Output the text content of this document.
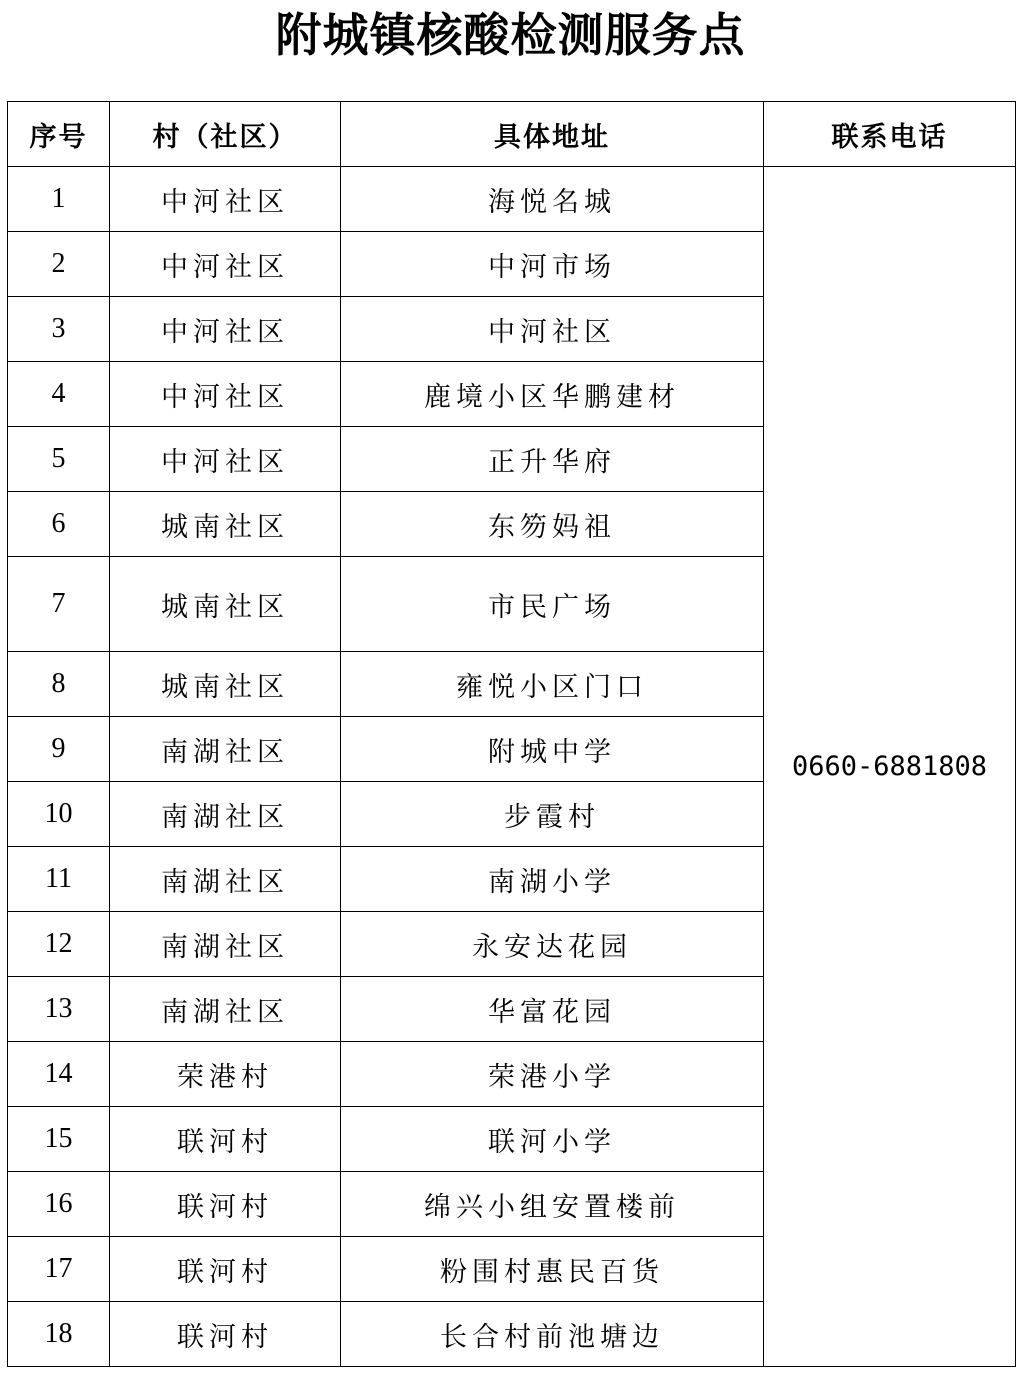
附城镇核酸检测服务点
序号	村（社区）	具体地址	联系电话
1	中河社区	海悦名城	0660-6881808
2	中河社区	中河市场	
3	中河社区	中河社区	
4	中河社区	鹿境小区华鹏建材	
5	中河社区	正升华府	
6	城南社区	东笏妈祖	
7	城南社区	市民广场	
8	城南社区	雍悦小区门口	
9	南湖社区	附城中学	
10	南湖社区	步霞村	
11	南湖社区	南湖小学	
12	南湖社区	永安达花园	
13	南湖社区	华富花园	
14	荣港村	荣港小学	
15	联河村	联河小学	
16	联河村	绵兴小组安置楼前	
17	联河村	粉围村惠民百货	
18	联河村	长合村前池塘边	
